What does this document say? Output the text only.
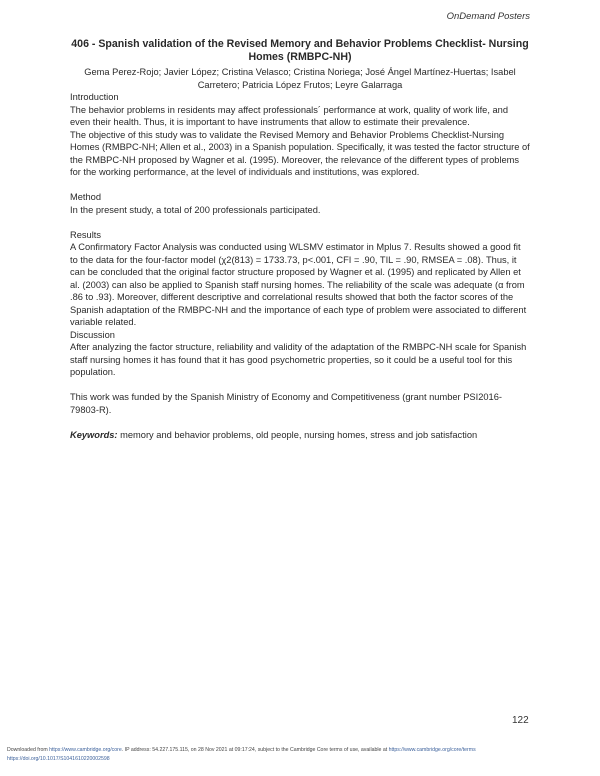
OnDemand Posters

406 - Spanish validation of the Revised Memory and Behavior Problems Checklist- Nursing Homes (RMBPC-NH)

Gema Perez-Rojo; Javier López; Cristina Velasco; Cristina Noriega; José Ángel Martínez-Huertas; Isabel Carretero; Patricia López Frutos; Leyre Galarraga

Introduction

The behavior problems in residents may affect professionals´ performance at work, quality of work life, and even their health. Thus, it is important to have instruments that allow to estimate their prevalence.

The objective of this study was to validate the Revised Memory and Behavior Problems Checklist-Nursing Homes (RMBPC-NH; Allen et al., 2003) in a Spanish population. Specifically, it was tested the factor structure of the RMBPC-NH proposed by Wagner et al. (1995). Moreover, the relevance of the different types of problems for the working performance, at the level of individuals and institutions, was explored.

Method

In the present study, a total of 200 professionals participated.

Results

A Confirmatory Factor Analysis was conducted using WLSMV estimator in Mplus 7. Results showed a good fit to the data for the four-factor model (χ2(813) = 1733.73, p<.001, CFI = .90, TIL = .90, RMSEA = .08). Thus, it can be concluded that the original factor structure proposed by Wagner et al. (1995) and replicated by Allen et al. (2003) can also be applied to Spanish staff nursing homes. The reliability of the scale was adequate (α from .86 to .93). Moreover, different descriptive and correlational results showed that both the factor scores of the Spanish adaptation of the RMBPC-NH and the importance of each type of problem were associated to different variable related.

Discussion

After analyzing the factor structure, reliability and validity of the adaptation of the RMBPC-NH scale for Spanish staff nursing homes it has found that it has good psychometric properties, so it could be a useful tool for this population.

This work was funded by the Spanish Ministry of Economy and Competitiveness (grant number PSI2016-79803-R).

Keywords: memory and behavior problems, old people, nursing homes, stress and job satisfaction

122
Downloaded from https://www.cambridge.org/core. IP address: 54.227.175.115, on 28 Nov 2021 at 09:17:24, subject to the Cambridge Core terms of use, available at https://www.cambridge.org/core/terms
https://doi.org/10.1017/S1041610220002598
